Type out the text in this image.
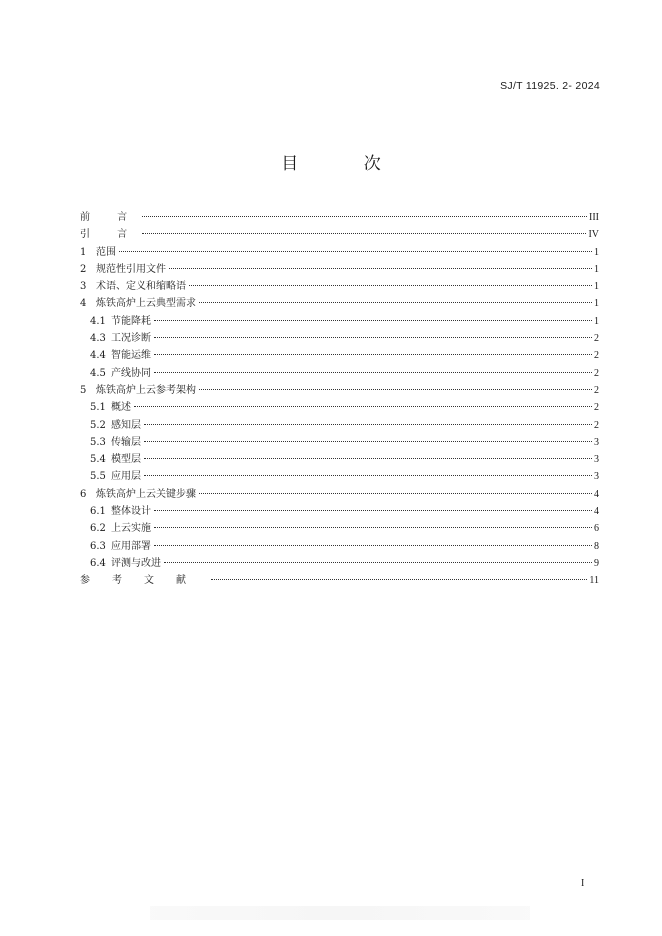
SJ/T 11925. 2- 2024
目 次
前 言	III
引 言	IV
1 范围	1
2 规范性引用文件	1
3 术语、定义和缩略语	1
4 炼铁高炉上云典型需求	1
4.1 节能降耗	1
4.3 工况诊断	2
4.4 智能运维	2
4.5 产线协同	2
5 炼铁高炉上云参考架构	2
5.1 概述	2
5.2 感知层	2
5.3 传输层	3
5.4 模型层	3
5.5 应用层	3
6 炼铁高炉上云关键步骤	4
6.1 整体设计	4
6.2 上云实施	6
6.3 应用部署	8
6.4 评测与改进	9
参考文献	11
I
